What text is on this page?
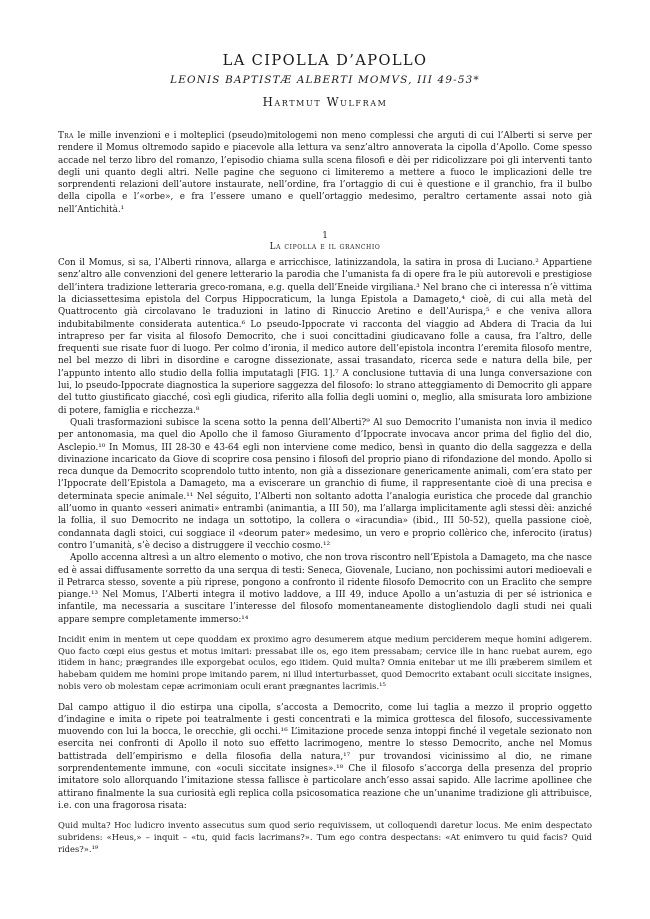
LA CIPOLLA D’APOLLO
LEONIS BAPTISTÆ ALBERTI MOMVS, III 49-53*
Hartmut Wulfram

Tra le mille invenzioni e i molteplici (pseudo)mitologemi non meno complessi che arguti di cui l’Alberti si serve per rendere il Momus oltremodo sapido e piacevole alla lettura va senz’altro annoverata la cipolla d’Apollo. Come spesso accade nel terzo libro del romanzo, l’episodio chiama sulla scena filosofi e dèi per ridicolizzare poi gli interventi tanto degli uni quanto degli altri. Nelle pagine che seguono ci limiteremo a mettere a fuoco le implicazioni delle tre sorprendenti relazioni dell’autore instaurate, nell’ordine, fra l’ortaggio di cui è questione e il granchio, fra il bulbo della cipolla e l’«orbe», e fra l’essere umano e quell’ortaggio medesimo, peraltro certamente assai noto già nell’Antichità.¹

1
La cipolla e il granchio

Con il Momus, si sa, l’Alberti rinnova, allarga e arricchisce, latinizzandola, la satira in prosa di Luciano.² Appartiene senz’altro alle convenzioni del genere letterario la parodia che l’umanista fa di opere fra le più autorevoli e prestigiose dell’intera tradizione letteraria greco-romana, e.g. quella dell’Eneide virgiliana.³ Nel brano che ci interessa n’è vittima la diciassettesima epistola del Corpus Hippocraticum, la lunga Epistola a Damageto,⁴ cioè, di cui alla metà del Quattrocento già circolavano le traduzioni in latino di Rinuccio Aretino e dell’Aurispa,⁵ e che veniva allora indubitabilmente considerata autentica.⁶ Lo pseudo-Ippocrate vi racconta del viaggio ad Abdera di Tracia da lui intrapreso per far visita al filosofo Democrito, che i suoi concittadini giudicavano folle a causa, fra l’altro, delle frequenti sue risate fuor di luogo. Per colmo d’ironia, il medico autore dell’epistola incontra l’eremita filosofo mentre, nel bel mezzo di libri in disordine e carogne dissezionate, assai trasandato, ricerca sede e natura della bile, per l’appunto intento allo studio della follia imputatagli [FIG. 1].⁷ A conclusione tuttavia di una lunga conversazione con lui, lo pseudo-Ippocrate diagnostica la superiore saggezza del filosofo: lo strano atteggiamento di Democrito gli appare del tutto giustificato giacché, così egli giudica, riferito alla follia degli uomini o, meglio, alla smisurata loro ambizione di potere, famiglia e ricchezza.⁸

Quali trasformazioni subisce la scena sotto la penna dell’Alberti?⁹ Al suo Democrito l’umanista non invia il medico per antonomasia, ma quel dio Apollo che il famoso Giuramento d’Ippocrate invocava ancor prima del figlio del dio, Asclepio.¹⁰ In Momus, III 28-30 e 43-64 egli non interviene come medico, bensì in quanto dio della saggezza e della divinazione incaricato da Giove di scoprire cosa pensino i filosofi del proprio piano di rifondazione del mondo. Apollo si reca dunque da Democrito scoprendolo tutto intento, non già a dissezionare genericamente animali, com’era stato per l’Ippocrate dell’Epistola a Damageto, ma a eviscerare un granchio di fiume, il rappresentante cioè di una precisa e determinata specie animale.¹¹ Nel séguito, l’Alberti non soltanto adotta l’analogia euristica che procede dal granchio all’uomo in quanto «esseri animati» entrambi (animantia, a III 50), ma l’allarga implicitamente agli stessi dèi: anziché la follia, il suo Democrito ne indaga un sottotipo, la collera o «iracundia» (ibid., III 50-52), quella passione cioè, condannata dagli stoici, cui soggiace il «deorum pater» medesimo, un vero e proprio collèrico che, inferocito (iratus) contro l’umanità, s’è deciso a distruggere il vecchio cosmo.¹²

Apollo accenna altresì a un altro elemento o motivo, che non trova riscontro nell’Epistola a Damageto, ma che nasce ed è assai diffusamente sorretto da una serqua di testi: Seneca, Giovenale, Luciano, non pochissimi autori medioevali e il Petrarca stesso, sovente a più riprese, pongono a confronto il ridente filosofo Democrito con un Eraclito che sempre piange.¹³ Nel Momus, l’Alberti integra il motivo laddove, a III 49, induce Apollo a un’astuzia di per sé istrionica e infantile, ma necessaria a suscitare l’interesse del filosofo momentaneamente distogliendolo dagli studi nei quali appare sempre completamente immerso:¹⁴

Incidit enim in mentem ut cepe quoddam ex proximo agro desumerem atque medium perciderem meque homini adigerem. Quo facto cœpi eius gestus et motus imitari: pressabat ille os, ego item pressabam; cervice ille in hanc ruebat aurem, ego itidem in hanc; prægrandes ille exporgebat oculos, ego itidem. Quid multa? Omnia enitebar ut me illi præberem similem et habebam quidem me homini prope imitando parem, ni illud interturbasset, quod Democrito extabant oculi siccitate insignes, nobis vero ob molestam cepæ acrimoniam oculi erant prægnantes lacrimis.¹⁵

Dal campo attiguo il dio estirpa una cipolla, s’accosta a Democrito, come lui taglia a mezzo il proprio oggetto d’indagine e imita o ripete poi teatralmente i gesti concentrati e la mimica grottesca del filosofo, successivamente muovendo con lui la bocca, le orecchie, gli occhi.¹⁶ L’imitazione procede senza intoppi finché il vegetale sezionato non esercita nei confronti di Apollo il noto suo effetto lacrimogeno, mentre lo stesso Democrito, anche nel Momus battistrada dell’empirismo e della filosofia della natura,¹⁷ pur trovandosi vicinissimo al dio, ne rimane sorprendentemente immune, con «oculi siccitate insignes».¹⁸ Che il filosofo s’accorga della presenza del proprio imitatore solo allorquando l’imitazione stessa fallisce è particolare anch’esso assai sapido. Alle lacrime apollinee che attirano finalmente la sua curiosità egli replica colla psicosomatica reazione che un’unanime tradizione gli attribuisce, i.e. con una fragorosa risata:

Quid multa? Hoc ludicro invento assecutus sum quod serio requivissem, ut colloquendi daretur locus. Me enim despectato subridens: «Heus,» – inquit – «tu, quid facis lacrimans?». Tum ego contra despectans: «At enimvero tu quid facis? Quid rides?».¹⁹
